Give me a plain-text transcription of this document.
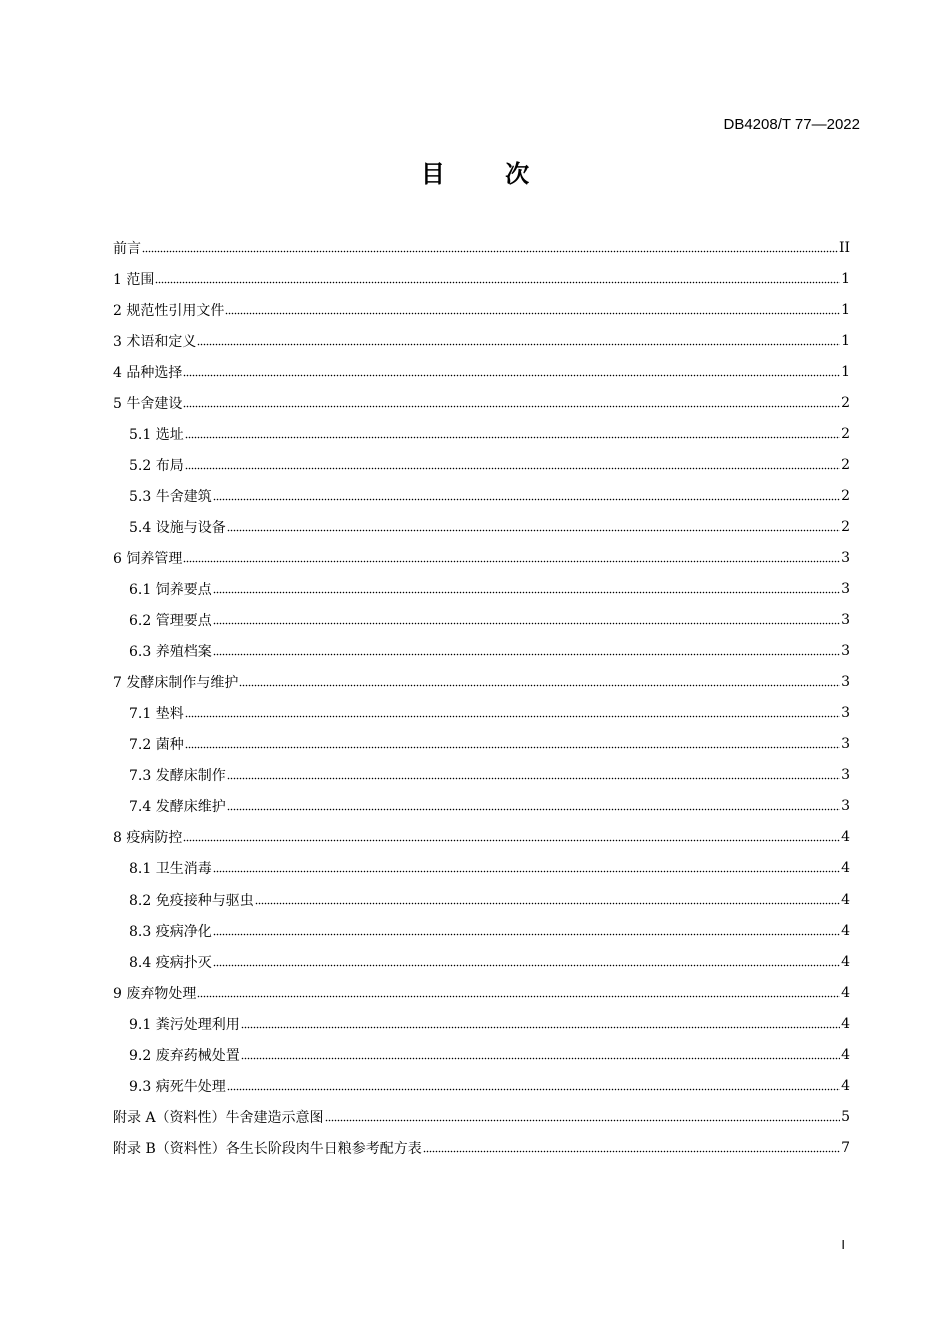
DB4208/T 77—2022
目 次
前言	II
1 范围	1
2 规范性引用文件	1
3 术语和定义	1
4 品种选择	1
5 牛舍建设	2
5.1 选址	2
5.2 布局	2
5.3 牛舍建筑	2
5.4 设施与设备	2
6 饲养管理	3
6.1 饲养要点	3
6.2 管理要点	3
6.3 养殖档案	3
7 发酵床制作与维护	3
7.1 垫料	3
7.2 菌种	3
7.3 发酵床制作	3
7.4 发酵床维护	3
8 疫病防控	4
8.1 卫生消毒	4
8.2 免疫接种与驱虫	4
8.3 疫病净化	4
8.4 疫病扑灭	4
9 废弃物处理	4
9.1 粪污处理利用	4
9.2 废弃药械处置	4
9.3 病死牛处理	4
附录 A（资料性）牛舍建造示意图	5
附录 B（资料性）各生长阶段肉牛日粮参考配方表	7
I
